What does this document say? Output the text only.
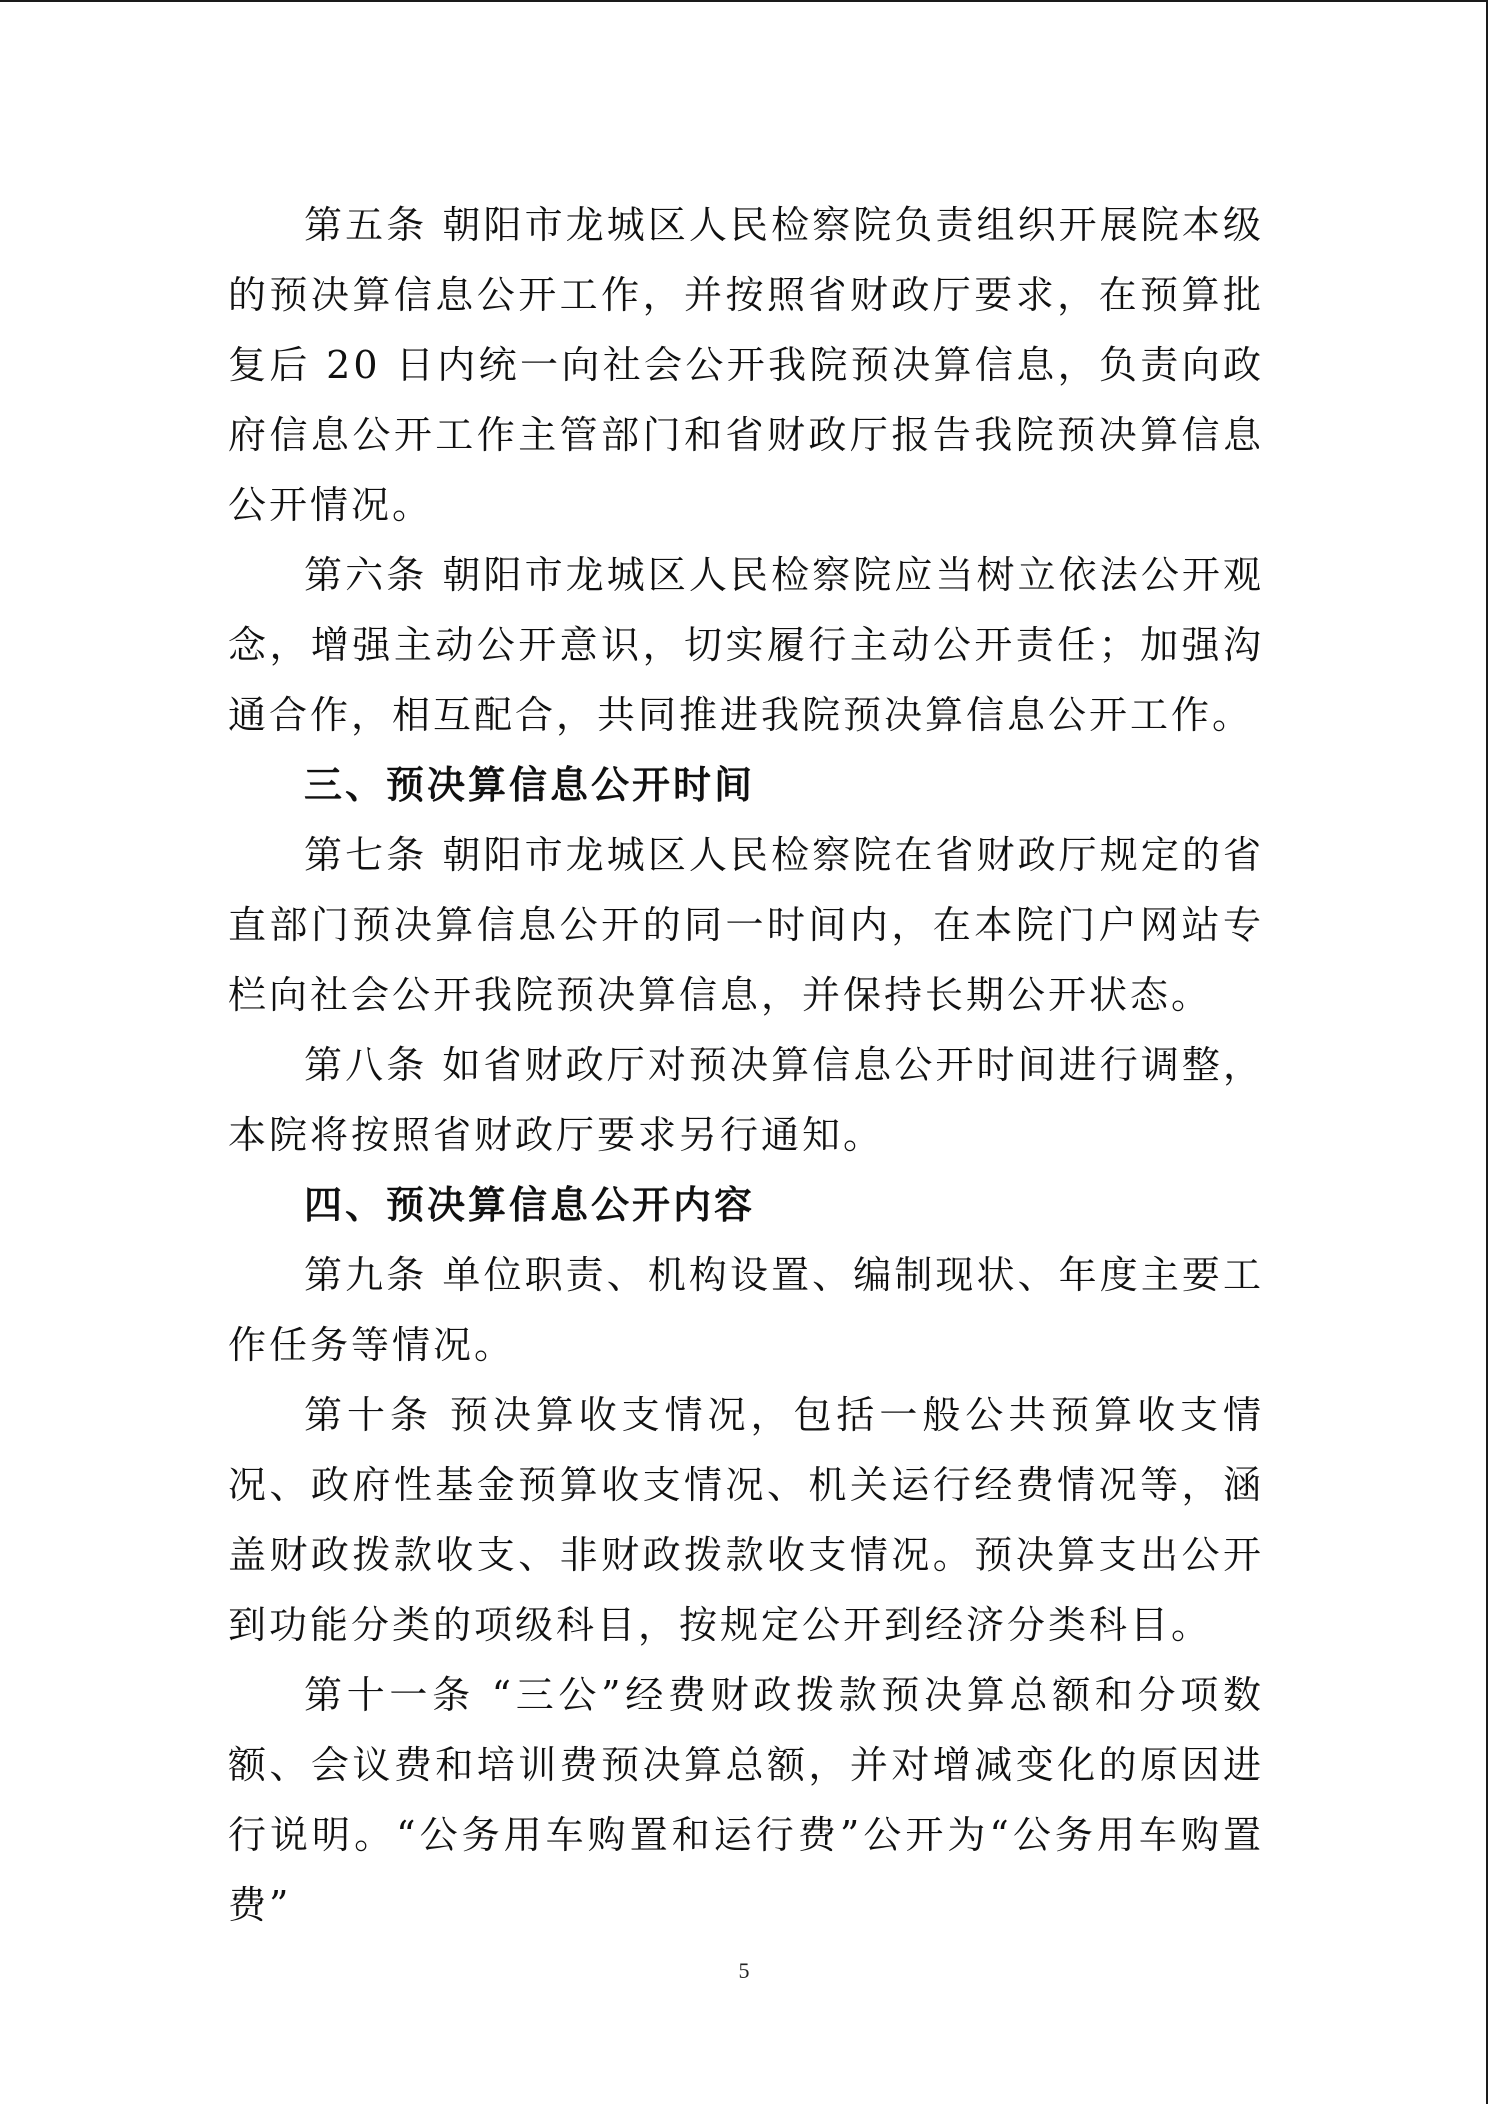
第五条 朝阳市龙城区人民检察院负责组织开展院本级的预决算信息公开工作，并按照省财政厅要求，在预算批复后 20 日内统一向社会公开我院预决算信息，负责向政府信息公开工作主管部门和省财政厅报告我院预决算信息公开情况。

第六条 朝阳市龙城区人民检察院应当树立依法公开观念，增强主动公开意识，切实履行主动公开责任；加强沟通合作，相互配合，共同推进我院预决算信息公开工作。

三、预决算信息公开时间

第七条 朝阳市龙城区人民检察院在省财政厅规定的省直部门预决算信息公开的同一时间内，在本院门户网站专栏向社会公开我院预决算信息，并保持长期公开状态。

第八条 如省财政厅对预决算信息公开时间进行调整，本院将按照省财政厅要求另行通知。

四、预决算信息公开内容

第九条 单位职责、机构设置、编制现状、年度主要工 作任务等情况。

第十条 预决算收支情况，包括一般公共预算收支情况、政府性基金预算收支情况、机关运行经费情况等，涵盖财政拨款收支、非财政拨款收支情况。预决算支出公开到功能分类的项级科目，按规定公开到经济分类科目。

第十一条 “三公”经费财政拨款预决算总额和分项数额、会议费和培训费预决算总额，并对增减变化的原因进行说明。“公务用车购置和运行费”公开为“公务用车购置费”

5
